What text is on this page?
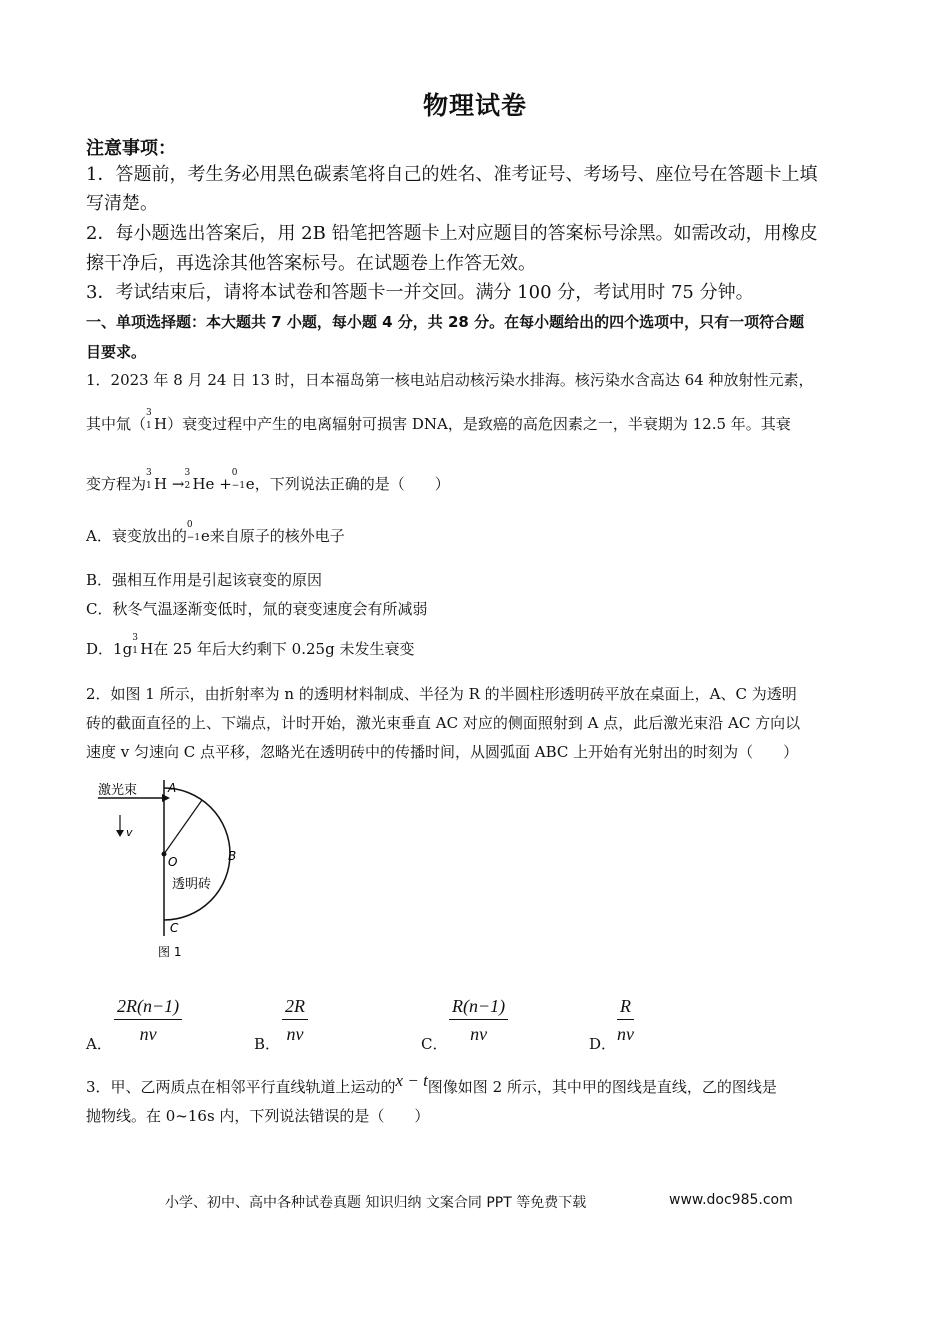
物理试卷
注意事项：
1．答题前，考生务必用黑色碳素笔将自己的姓名、准考证号、考场号、座位号在答题卡上填
写清楚。
2．每小题选出答案后，用 2B 铅笔把答题卡上对应题目的答案标号涂黑。如需改动，用橡皮
擦干净后，再选涂其他答案标号。在试题卷上作答无效。
3．考试结束后，请将本试卷和答题卡一并交回。满分 100 分，考试用时 75 分钟。
一、单项选择题：本大题共 7 小题，每小题 4 分，共 28 分。在每小题给出的四个选项中，只有一项符合题
目要求。
1．2023 年 8 月 24 日 13 时，日本福岛第一核电站启动核污染水排海。核污染水含高达 64 种放射性元素，
其中氚（
3
1 H）衰变过程中产生的电离辐射可损害 DNA，是致癌的高危因素之一，半衰期为 12.5 年。其衰
变方程为
3
1 H →
3
2 He +
0
−1 e，下列说法正确的是（　　）
A．衰变放出的
0
−1 e来自原子的核外电子
B．强相互作用是引起该衰变的原因
C．秋冬气温逐渐变低时，氚的衰变速度会有所减弱
D．1g
3
1 H在 25 年后大约剩下 0.25g 未发生衰变
2．如图 1 所示，由折射率为 n 的透明材料制成、半径为 R 的半圆柱形透明砖平放在桌面上，A、C 为透明
砖的截面直径的上、下端点，计时开始，激光束垂直 AC 对应的侧面照射到 A 点，此后激光束沿 AC 方向以
速度 v 匀速向 C 点平移，忽略光在透明砖中的传播时间，从圆弧面 ABC 上开始有光射出的时刻为（　　）
激光束	A
B
C
O
v
透明砖
图 1
A． $\frac{2R(n-1)}{nv}$	B． $\frac{2R}{nv}$	C． $\frac{R(n-1)}{nv}$	D． $\frac{R}{nv}$
3．甲、乙两质点在相邻平行直线轨道上运动的x − t图像如图 2 所示，其中甲的图线是直线，乙的图线是
抛物线。在 0~16s 内，下列说法错误的是（　　）
小学、初中、高中各种试卷真题 知识归纳 文案合同 PPT 等免费下载	www.doc985.com
